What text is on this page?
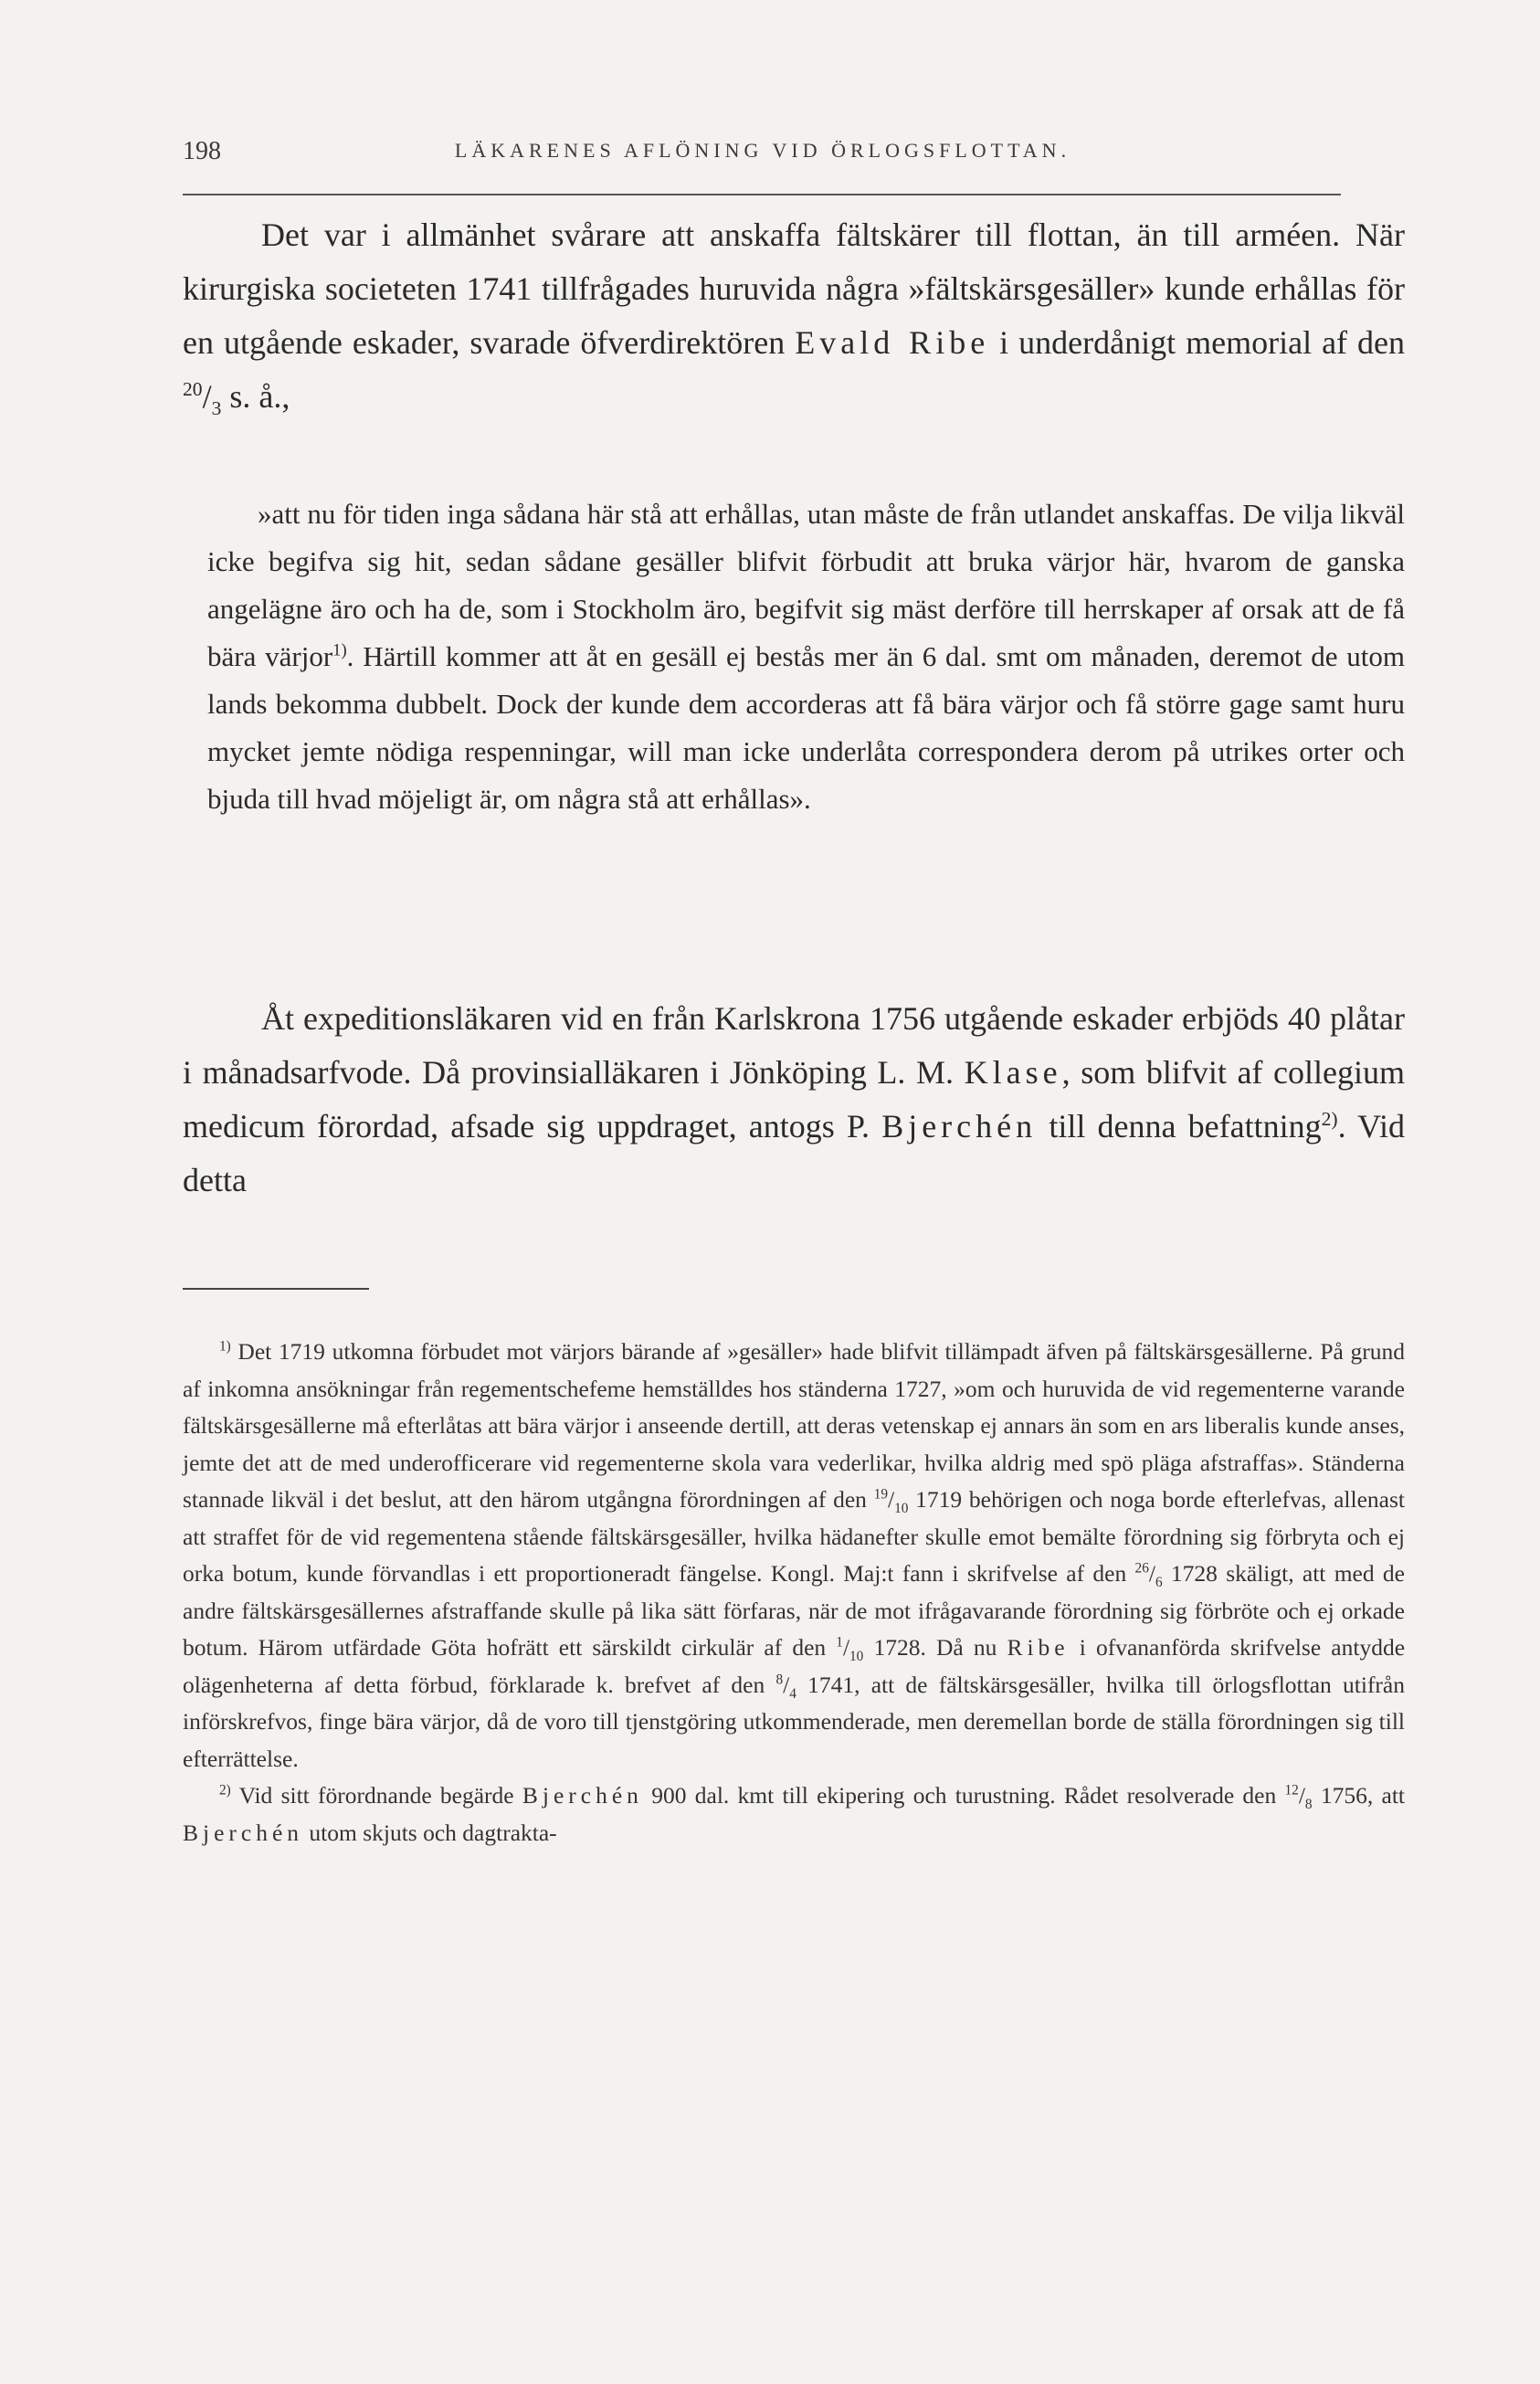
198	LÄKARENES AFLÖNING VID ÖRLOGSFLOTTAN.

Det var i allmänhet svårare att anskaffa fältskärer till flottan, än till arméen. När kirurgiska societeten 1741 tillfrågades huruvida några »fältskärsgesäller» kunde erhållas för en utgående eskader, svarade öfverdirektören Evald Ribe i underdånigt memorial af den $^{20}/_3$ s. å.,

»att nu för tiden inga sådana här stå att erhållas, utan måste de från utlandet anskaffas. De vilja likväl icke begifva sig hit, sedan sådane gesäller blifvit förbudit att bruka värjor här, hvarom de ganska angelägne äro och ha de, som i Stockholm äro, begifvit sig mäst derföre till herrskaper af orsak att de få bära värjor$^{1)}$. Härtill kommer att åt en gesäll ej bestås mer än 6 dal. smt om månaden, deremot de utom lands bekomma dubbelt. Dock der kunde dem accorderas att få bära värjor och få större gage samt huru mycket jemte nödiga respenningar, will man icke underlåta correspondera derom på utrikes orter och bjuda till hvad möjeligt är, om några stå att erhållas».

Åt expeditionsläkaren vid en från Karlskrona 1756 utgående eskader erbjöds 40 plåtar i månadsarfvode. Då provinsialläkaren i Jönköping L. M. Klase, som blifvit af collegium medicum förordad, afsade sig uppdraget, antogs P. Bjerchén till denna befattning$^{2)}$. Vid detta

$^{1)}$ Det 1719 utkomna förbudet mot värjors bärande af »gesäller» hade blifvit tillämpadt äfven på fältskärsgesällerne. På grund af inkomna ansökningar från regementschefeme hemställdes hos ständerna 1727, »om och huruvida de vid regementerne varande fältskärsgesällerne må efterlåtas att bära värjor i anseende dertill, att deras vetenskap ej annars än som en ars liberalis kunde anses, jemte det att de med underofficerare vid regementerne skola vara vederlikar, hvilka aldrig med spö pläga afstraffas». Ständerna stannade likväl i det beslut, att den härom utgångna förordningen af den $^{19}/_{10}$ 1719 behörigen och noga borde efterlefvas, allenast att straffet för de vid regementena stående fältskärsgesäller, hvilka hädanefter skulle emot bemälte förordning sig förbryta och ej orka botum, kunde förvandlas i ett proportioneradt fängelse. Kongl. Maj:t fann i skrifvelse af den $^{26}/_6$ 1728 skäligt, att med de andre fältskärsgesällernes afstraffande skulle på lika sätt förfaras, när de mot ifrågavarande förordning sig förbröte och ej orkade botum. Härom utfärdade Göta hofrätt ett särskildt cirkulär af den $^1/_{10}$ 1728. Då nu Ribe i ofvananförda skrifvelse antydde olägenheterna af detta förbud, förklarade k. brefvet af den $^8/_4$ 1741, att de fältskärsgesäller, hvilka till örlogsflottan utifrån införskrefvos, finge bära värjor, då de voro till tjenstgöring utkommenderade, men deremellan borde de ställa förordningen sig till efterrättelse.

$^{2)}$ Vid sitt förordnande begärde Bjerchén 900 dal. kmt till ekipering och turustning. Rådet resolverade den $^{12}/_8$ 1756, att Bjerchén utom skjuts och dagtrakta-
